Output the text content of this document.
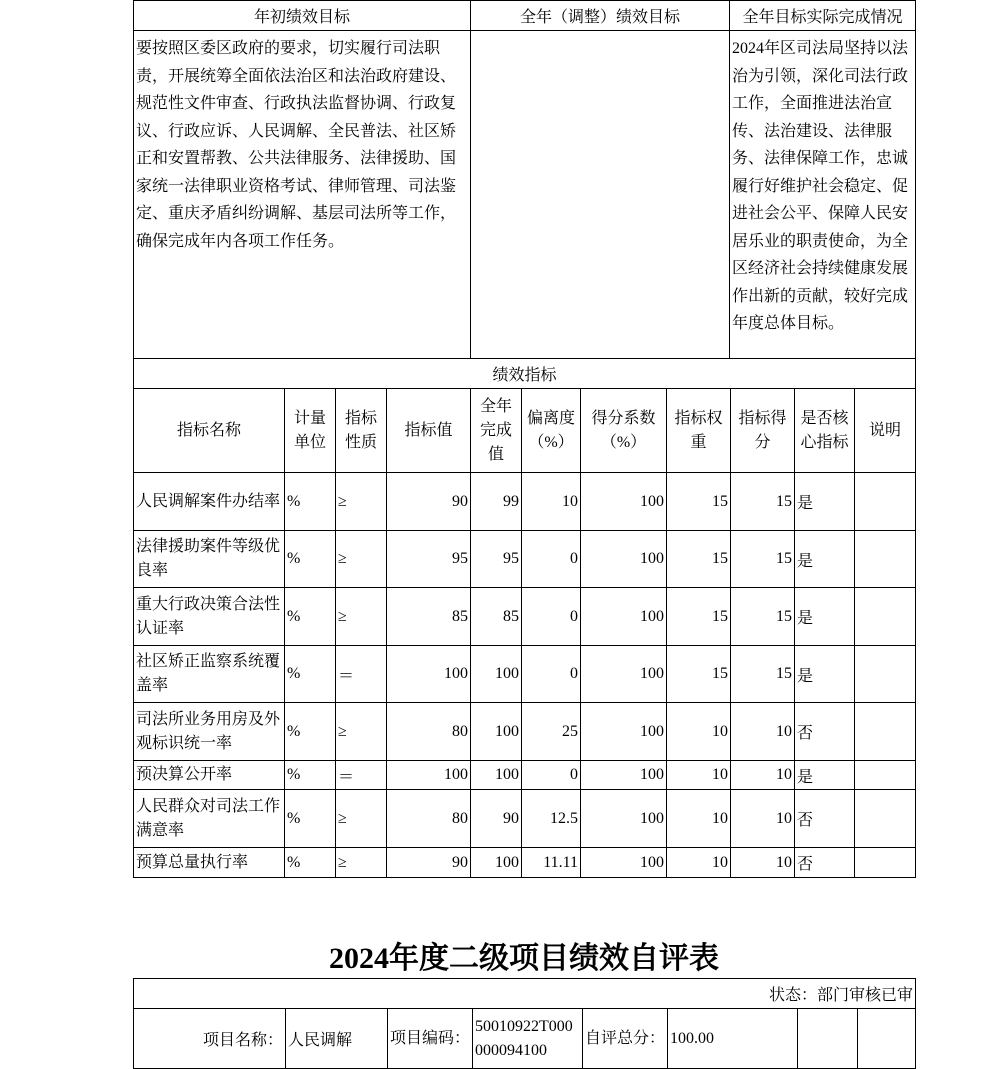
年初绩效目标	全年（调整）绩效目标	全年目标实际完成情况
要按照区委区政府的要求，切实履行司法职责，开展统筹全面依法治区和法治政府建设、规范性文件审查、行政执法监督协调、行政复议、行政应诉、人民调解、全民普法、社区矫正和安置帮教、公共法律服务、法律援助、国家统一法律职业资格考试、律师管理、司法鉴定、重庆矛盾纠纷调解、基层司法所等工作，确保完成年内各项工作任务。		2024年区司法局坚持以法治为引领，深化司法行政工作，全面推进法治宣传、法治建设、法律服务、法律保障工作，忠诚履行好维护社会稳定、促进社会公平、保障人民安居乐业的职责使命，为全区经济社会持续健康发展作出新的贡献，较好完成年度总体目标。
绩效指标										
指标名称	计量单位	指标性质	指标值	全年完成值	偏离度（%）	得分系数（%）	指标权重	指标得分	是否核心指标	说明
人民调解案件办结率	%	≥	90	99	10	100	15	15	是	
法律援助案件等级优良率	%	≥	95	95	0	100	15	15	是	
重大行政决策合法性认证率	%	≥	85	85	0	100	15	15	是	
社区矫正监察系统覆盖率	%	＝	100	100	0	100	15	15	是	
司法所业务用房及外观标识统一率	%	≥	80	100	25	100	10	10	否	
预决算公开率	%	＝	100	100	0	100	10	10	是	
人民群众对司法工作满意率	%	≥	80	90	12.5	100	10	10	否	
预算总量执行率	%	≥	90	100	11.11	100	10	10	否	
2024年度二级项目绩效自评表
状态：部门审核已审
项目名称：	人民调解	项目编码：	50010922T000000094100	自评总分：	100.00		
